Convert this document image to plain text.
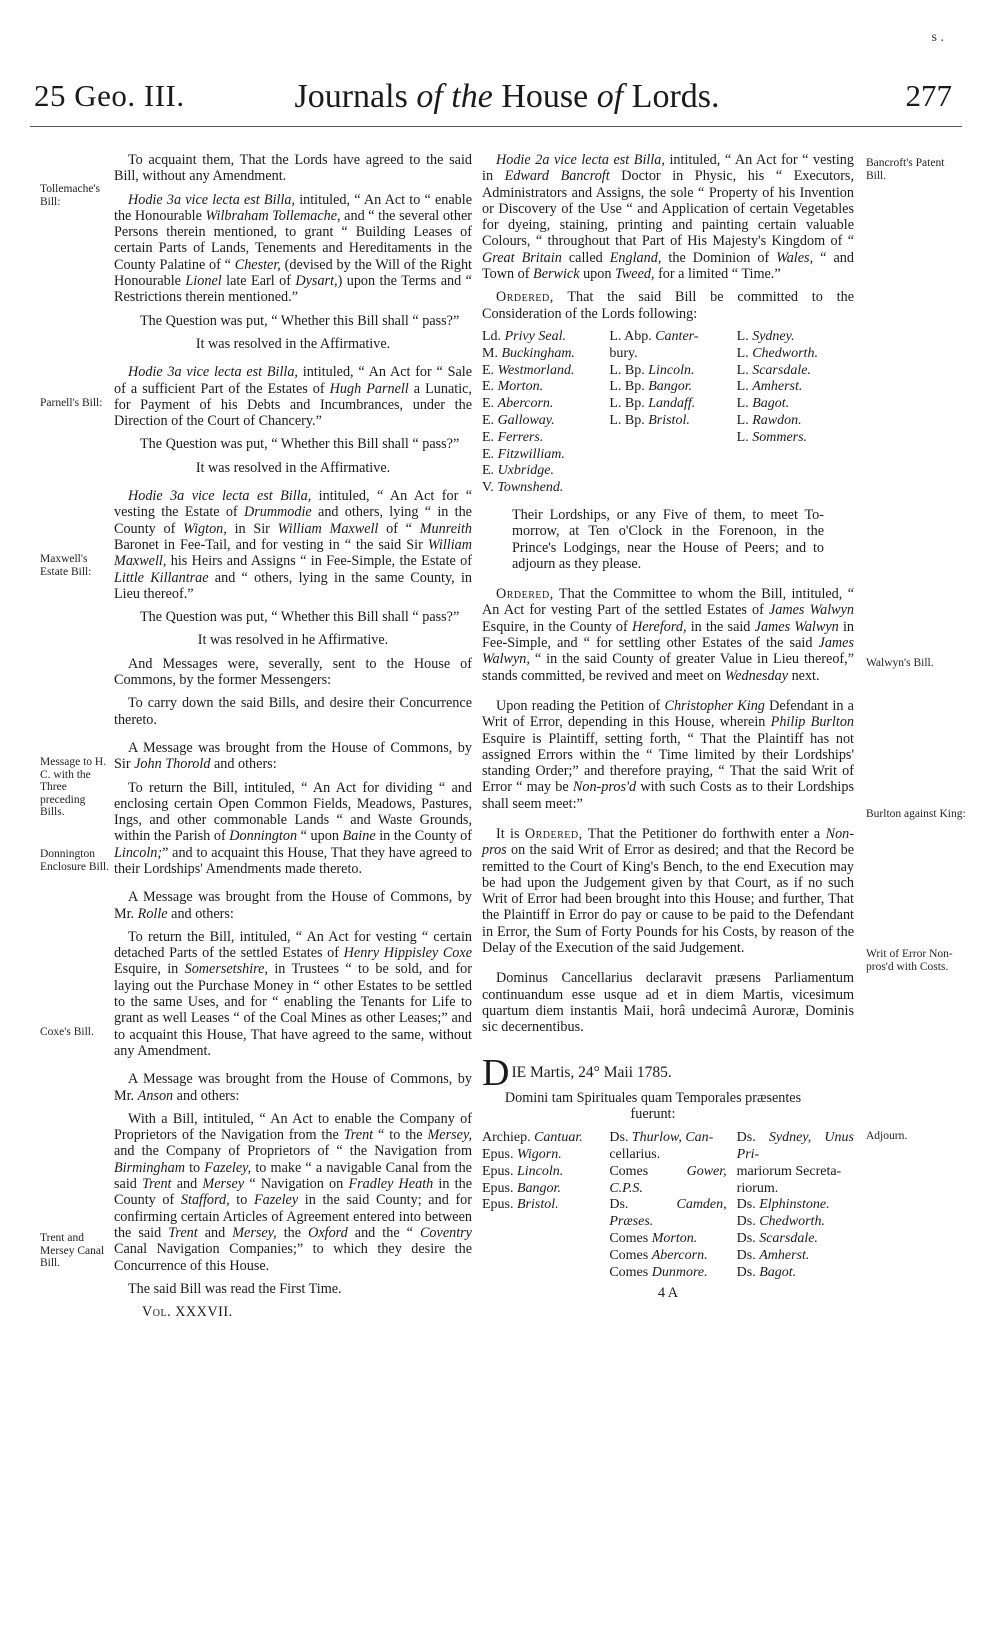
s .
25 Geo. III.	Journals of the House of Lords.	277
Tollemache's Bill:
Parnell's Bill:
Maxwell's Estate Bill:
Message to H. C. with the Three preceding Bills.
Donnington Enclosure Bill.
Coxe's Bill.
Trent and Mersey Canal Bill.
Bancroft's Patent Bill.
Walwyn's Bill.
Burlton against King:
Writ of Error Non-pros'd with Costs.
Adjourn.

To acquaint them, That the Lords have agreed to the said Bill, without any Amendment.

Hodie 3a vice lecta est Billa, intituled, “ An Act to “ enable the Honourable Wilbraham Tollemache, and “ the several other Persons therein mentioned, to grant “ Building Leases of certain Parts of Lands, Tenements and Hereditaments in the County Palatine of “ Chester, (devised by the Will of the Right Honourable Lionel late Earl of Dysart,) upon the Terms and “ Restrictions therein mentioned.”

The Question was put, “ Whether this Bill shall “ pass?”

It was resolved in the Affirmative.

Hodie 3a vice lecta est Billa, intituled, “ An Act for “ Sale of a sufficient Part of the Estates of Hugh Parnell a Lunatic, for Payment of his Debts and Incumbrances, under the Direction of the Court of Chancery.”

The Question was put, “ Whether this Bill shall “ pass?”

It was resolved in the Affirmative.

Hodie 3a vice lecta est Billa, intituled, “ An Act for “ vesting the Estate of Drummodie and others, lying “ in the County of Wigton, in Sir William Maxwell of “ Munreith Baronet in Fee-Tail, and for vesting in “ the said Sir William Maxwell, his Heirs and Assigns “ in Fee-Simple, the Estate of Little Killantrae and “ others, lying in the same County, in Lieu thereof.”

The Question was put, “ Whether this Bill shall “ pass?”

It was resolved in he Affirmative.

And Messages were, severally, sent to the House of Commons, by the former Messengers:

To carry down the said Bills, and desire their Concurrence thereto.

A Message was brought from the House of Commons, by Sir John Thorold and others:

To return the Bill, intituled, “ An Act for dividing “ and enclosing certain Open Common Fields, Meadows, Pastures, Ings, and other commonable Lands “ and Waste Grounds, within the Parish of Donnington “ upon Baine in the County of Lincoln;” and to acquaint this House, That they have agreed to their Lordships' Amendments made thereto.

A Message was brought from the House of Commons, by Mr. Rolle and others:

To return the Bill, intituled, “ An Act for vesting “ certain detached Parts of the settled Estates of Henry Hippisley Coxe Esquire, in Somersetshire, in Trustees “ to be sold, and for laying out the Purchase Money in “ other Estates to be settled to the same Uses, and for “ enabling the Tenants for Life to grant as well Leases “ of the Coal Mines as other Leases;” and to acquaint this House, That have agreed to the same, without any Amendment.

A Message was brought from the House of Commons, by Mr. Anson and others:

With a Bill, intituled, “ An Act to enable the Company of Proprietors of the Navigation from the Trent “ to the Mersey, and the Company of Proprietors of “ the Navigation from Birmingham to Fazeley, to make “ a navigable Canal from the said Trent and Mersey “ Navigation on Fradley Heath in the County of Stafford, to Fazeley in the said County; and for confirming certain Articles of Agreement entered into between the said Trent and Mersey, the Oxford and the “ Coventry Canal Navigation Companies;” to which they desire the Concurrence of this House.

The said Bill was read the First Time.

Vol. XXXVII.

Hodie 2a vice lecta est Billa, intituled, “ An Act for “ vesting in Edward Bancroft Doctor in Physic, his “ Executors, Administrators and Assigns, the sole “ Property of his Invention or Discovery of the Use “ and Application of certain Vegetables for dyeing, staining, printing and painting certain valuable Colours, “ throughout that Part of His Majesty's Kingdom of “ Great Britain called England, the Dominion of Wales, “ and Town of Berwick upon Tweed, for a limited “ Time.”

Ordered, That the said Bill be committed to the Consideration of the Lords following:

Ld. Privy Seal.
M. Buckingham.
E. Westmorland.
E. Morton.
E. Abercorn.
E. Galloway.
E. Ferrers.
E. Fitzwilliam.
E. Uxbridge.
V. Townshend.
L. Abp. Canter-
bury.
L. Bp. Lincoln.
L. Bp. Bangor.
L. Bp. Landaff.
L. Bp. Bristol.
L. Sydney.
L. Chedworth.
L. Scarsdale.
L. Amherst.
L. Bagot.
L. Rawdon.
L. Sommers.

Their Lordships, or any Five of them, to meet To-morrow, at Ten o'Clock in the Forenoon, in the Prince's Lodgings, near the House of Peers; and to adjourn as they please.

Ordered, That the Committee to whom the Bill, intituled, “ An Act for vesting Part of the settled Estates of James Walwyn Esquire, in the County of Hereford, in the said James Walwyn in Fee-Simple, and “ for settling other Estates of the said James Walwyn, “ in the said County of greater Value in Lieu thereof,” stands committed, be revived and meet on Wednesday next.

Upon reading the Petition of Christopher King Defendant in a Writ of Error, depending in this House, wherein Philip Burlton Esquire is Plaintiff, setting forth, “ That the Plaintiff has not assigned Errors within the “ Time limited by their Lordships' standing Order;” and therefore praying, “ That the said Writ of Error “ may be Non-pros'd with such Costs as to their Lordships shall seem meet:”

It is Ordered, That the Petitioner do forthwith enter a Non-pros on the said Writ of Error as desired; and that the Record be remitted to the Court of King's Bench, to the end Execution may be had upon the Judgement given by that Court, as if no such Writ of Error had been brought into this House; and further, That the Plaintiff in Error do pay or cause to be paid to the Defendant in Error, the Sum of Forty Pounds for his Costs, by reason of the Delay of the Execution of the said Judgement.

Dominus Cancellarius declaravit præsens Parliamentum continuandum esse usque ad et in diem Martis, vicesimum quartum diem instantis Maii, horâ undecimâ Auroræ, Dominis sic decernentibus.

D IE Martis, 24° Maii 1785.

Domini tam Spirituales quam Temporales præsentes fuerunt:

Archiep. Cantuar.
Epus. Wigorn.
Epus. Lincoln.
Epus. Bangor.
Epus. Bristol.
Ds. Thurlow, Can-
cellarius.
Comes Gower, C.P.S.
Ds. Camden, Præses.
Comes Morton.
Comes Abercorn.
Comes Dunmore.
Ds. Sydney, Unus Pri-
mariorum Secreta-
riorum.
Ds. Elphinstone.
Ds. Chedworth.
Ds. Scarsdale.
Ds. Amherst.
Ds. Bagot.
4 A
